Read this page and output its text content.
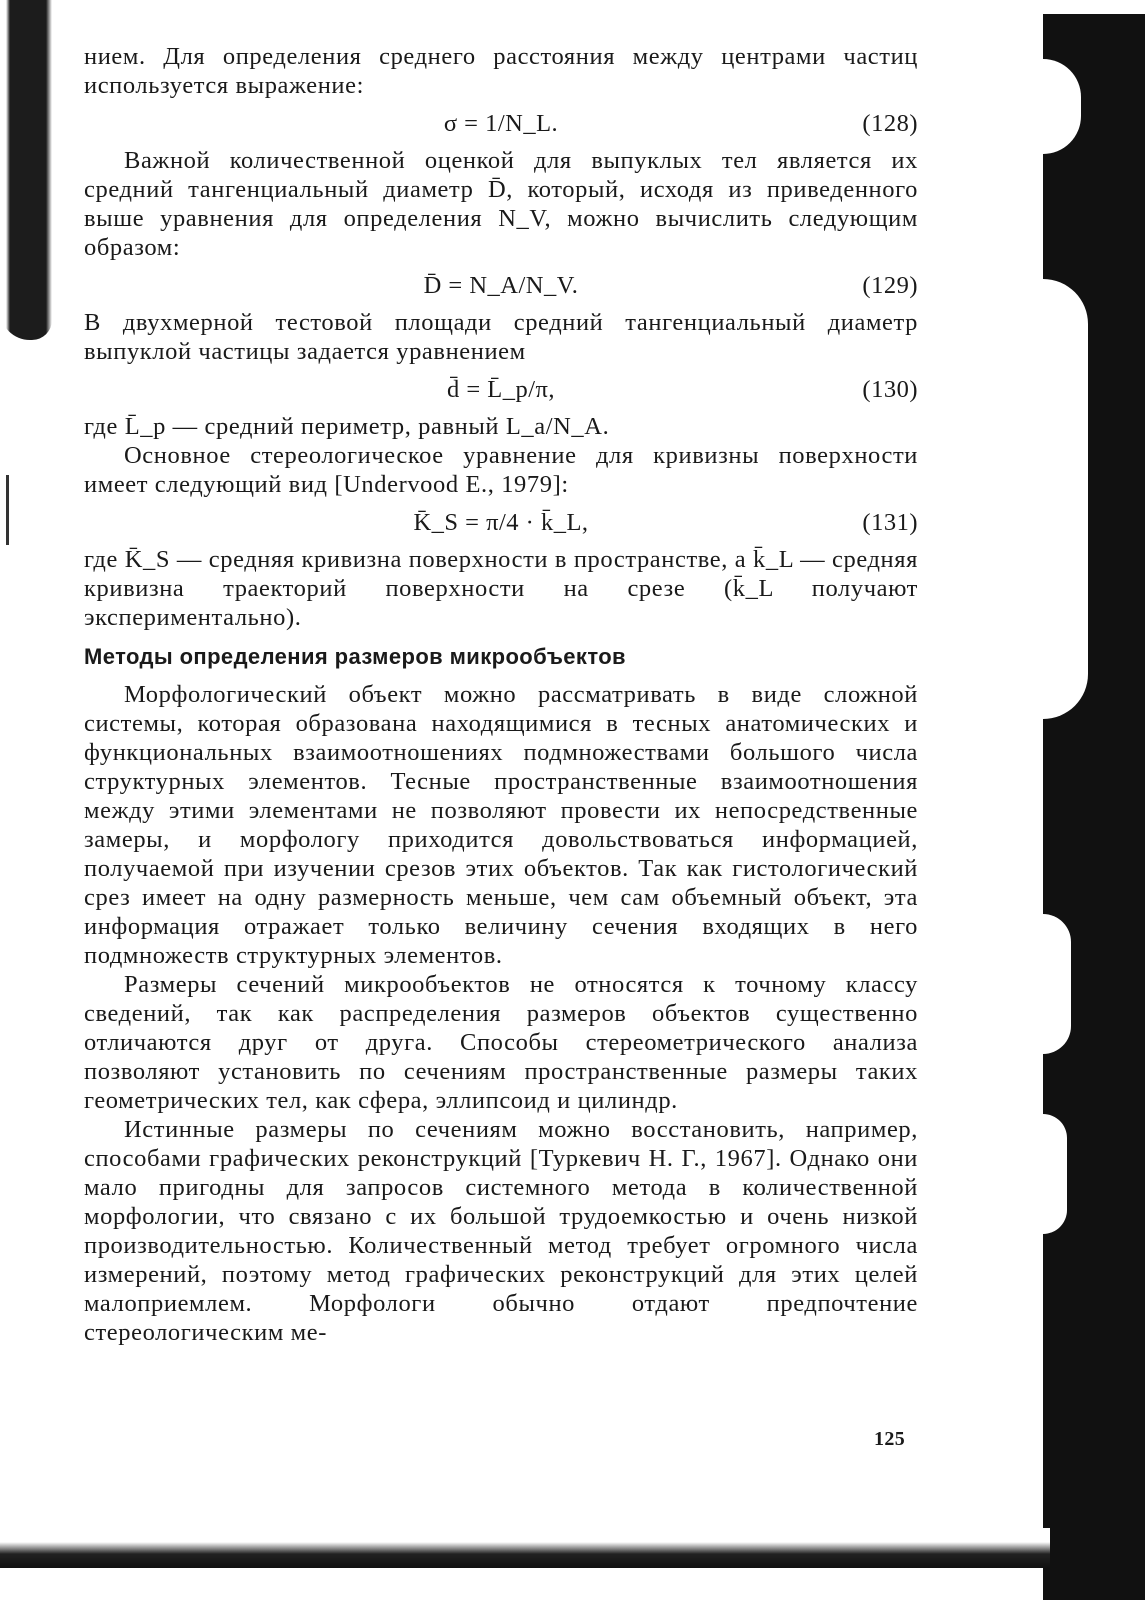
нием. Для определения среднего расстояния между центрами частиц используется выражение:

σ = 1/N_L.	(128)

Важной количественной оценкой для выпуклых тел является их средний тангенциальный диаметр D̄, который, исходя из приведенного выше уравнения для определения N_V, можно вычислить следующим образом:

D̄ = N_A/N_V.	(129)

В двухмерной тестовой площади средний тангенциальный диаметр выпуклой частицы задается уравнением

d̄ = L̄_p/π,	(130)

где L̄_p — средний периметр, равный L_a/N_A.

Основное стереологическое уравнение для кривизны поверхности имеет следующий вид [Undervood E., 1979]:

K̄_S = π/4 · k̄_L,	(131)

где K̄_S — средняя кривизна поверхности в пространстве, а k̄_L — средняя кривизна траекторий поверхности на срезе (k̄_L получают экспериментально).

Методы определения размеров микрообъектов

Морфологический объект можно рассматривать в виде сложной системы, которая образована находящимися в тесных анатомических и функциональных взаимоотношениях подмножествами большого числа структурных элементов. Тесные пространственные взаимоотношения между этими элементами не позволяют провести их непосредственные замеры, и морфологу приходится довольствоваться информацией, получаемой при изучении срезов этих объектов. Так как гистологический срез имеет на одну размерность меньше, чем сам объемный объект, эта информация отражает только величину сечения входящих в него подмножеств структурных элементов.

Размеры сечений микрообъектов не относятся к точному классу сведений, так как распределения размеров объектов существенно отличаются друг от друга. Способы стереометрического анализа позволяют установить по сечениям пространственные размеры таких геометрических тел, как сфера, эллипсоид и цилиндр.

Истинные размеры по сечениям можно восстановить, например, способами графических реконструкций [Туркевич Н. Г., 1967]. Однако они мало пригодны для запросов системного метода в количественной морфологии, что связано с их большой трудоемкостью и очень низкой производительностью. Количественный метод требует огромного числа измерений, поэтому метод графических реконструкций для этих целей малоприемлем. Морфологи обычно отдают предпочтение стереологическим ме-

125
